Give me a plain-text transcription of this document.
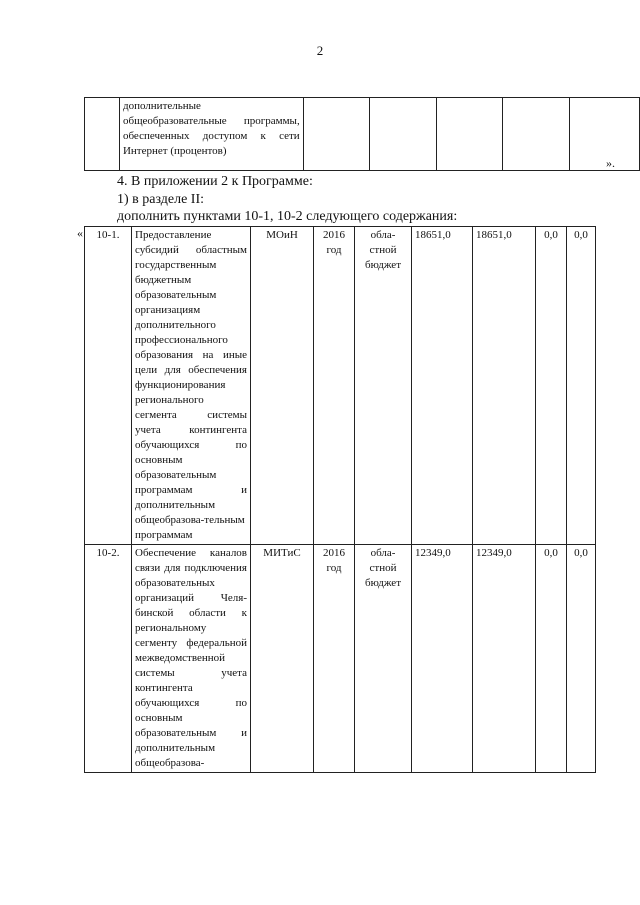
2
	дополнительные общеобразовательные программы, обеспеченных доступом к сети Интернет (процентов)					
».
4. В приложении 2 к Программе:
1) в разделе II:
дополнить пунктами 10-1, 10-2 следующего содержания:
« 10-1.	Предоставление субсидий областным государственным бюджетным образовательным организациям дополнительного профессионального образования на иные цели для обеспечения функционирования регионального сегмента системы учета контингента обучающихся по основным образовательным программам и дополнительным общеобразова-тельным программам	МОиН	2016 год	обла-стной бюджет	18651,0	18651,0	0,0	0,0
10-2.	Обеспечение каналов связи для подключения образовательных организаций Челя-бинской области к региональному сегменту федеральной межведомственной системы учета контингента обучающихся по основным образовательным и дополнительным общеобразова-	МИТиС	2016 год	обла-стной бюджет	12349,0	12349,0	0,0	0,0
